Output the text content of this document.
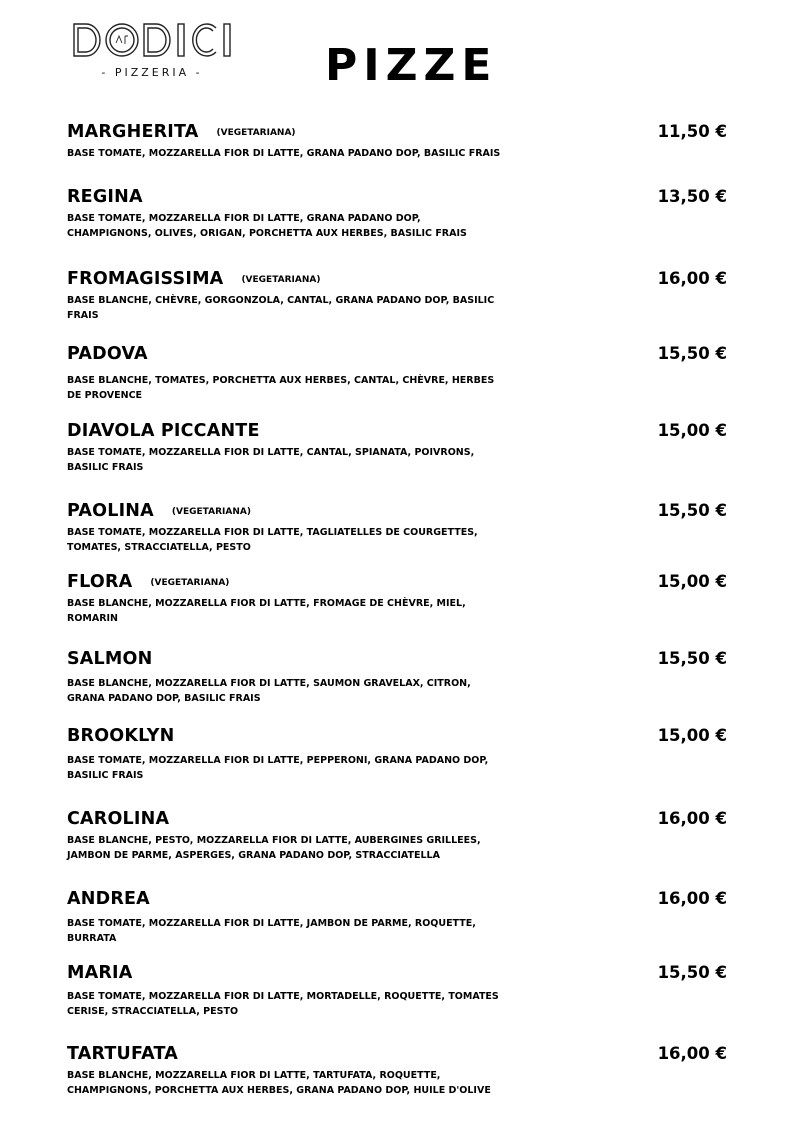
- PIZZERIA -	PIZZE
MARGHERITA (VEGETARIANA)	11,50 €
BASE TOMATE, MOZZARELLA FIOR DI LATTE, GRANA PADANO DOP, BASILIC FRAIS
REGINA	13,50 €
BASE TOMATE, MOZZARELLA FIOR DI LATTE, GRANA PADANO DOP, CHAMPIGNONS, OLIVES, ORIGAN, PORCHETTA AUX HERBES, BASILIC FRAIS
FROMAGISSIMA (VEGETARIANA)	16,00 €
BASE BLANCHE, CHÈVRE, GORGONZOLA, CANTAL, GRANA PADANO DOP, BASILIC FRAIS
PADOVA	15,50 €
BASE BLANCHE, TOMATES, PORCHETTA AUX HERBES, CANTAL, CHÈVRE, HERBES DE PROVENCE
DIAVOLA PICCANTE	15,00 €
BASE TOMATE, MOZZARELLA FIOR DI LATTE, CANTAL, SPIANATA, POIVRONS, BASILIC FRAIS
PAOLINA (VEGETARIANA)	15,50 €
BASE TOMATE, MOZZARELLA FIOR DI LATTE, TAGLIATELLES DE COURGETTES, TOMATES, STRACCIATELLA, PESTO
FLORA (VEGETARIANA)	15,00 €
BASE BLANCHE, MOZZARELLA FIOR DI LATTE, FROMAGE DE CHÈVRE, MIEL, ROMARIN
SALMON	15,50 €
BASE BLANCHE, MOZZARELLA FIOR DI LATTE, SAUMON GRAVELAX, CITRON, GRANA PADANO DOP, BASILIC FRAIS
BROOKLYN	15,00 €
BASE TOMATE, MOZZARELLA FIOR DI LATTE, PEPPERONI, GRANA PADANO DOP, BASILIC FRAIS
CAROLINA	16,00 €
BASE BLANCHE, PESTO, MOZZARELLA FIOR DI LATTE, AUBERGINES GRILLEES, JAMBON DE PARME, ASPERGES, GRANA PADANO DOP, STRACCIATELLA
ANDREA	16,00 €
BASE TOMATE, MOZZARELLA FIOR DI LATTE, JAMBON DE PARME, ROQUETTE, BURRATA
MARIA	15,50 €
BASE TOMATE, MOZZARELLA FIOR DI LATTE, MORTADELLE, ROQUETTE, TOMATES CERISE, STRACCIATELLA, PESTO
TARTUFATA	16,00 €
BASE BLANCHE, MOZZARELLA FIOR DI LATTE, TARTUFATA, ROQUETTE, CHAMPIGNONS, PORCHETTA AUX HERBES, GRANA PADANO DOP, HUILE D'OLIVE
